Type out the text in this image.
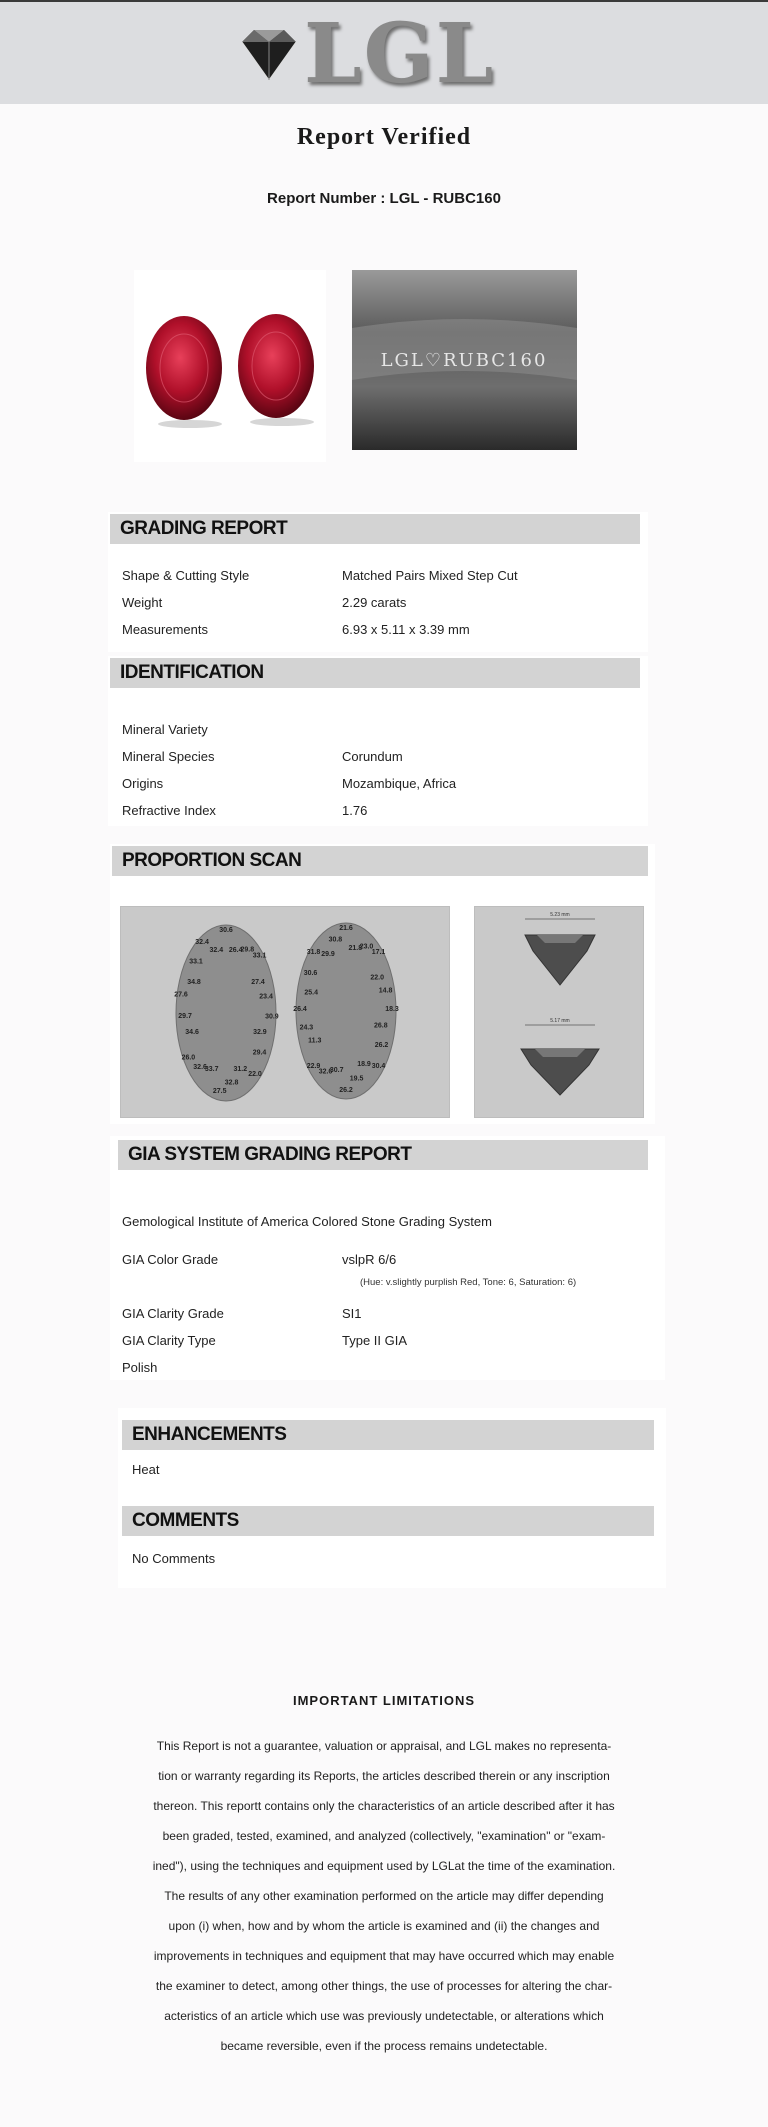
LGL
Report Verified
Report Number : LGL - RUBC160
LGL♡RUBC160
GRADING REPORT
Shape & Cutting Style	Matched Pairs Mixed Step Cut
Weight	2.29 carats
Measurements	6.93 x 5.11 x 3.39 mm
IDENTIFICATION
Mineral Variety
Mineral Species	Corundum
Origins	Mozambique, Africa
Refractive Index	1.76
PROPORTION SCAN
30.6
26.4
29.8
33.1
27.4
23.4
30.9
32.9
29.4
22.0
31.2
32.8
27.5
33.7
32.6
26.0
34.6
29.7
27.6
34.8
33.1
32.4
32.4
21.6
21.8
23.0
17.1
22.0
14.8
18.3
26.8
26.2
30.4
18.9
19.5
26.2
30.7
32.6
22.9
11.3
24.3
26.4
25.4
30.6
31.8 29.9
30.8
5.23 mm
5.17 mm
GIA SYSTEM GRADING REPORT
Gemological Institute of America Colored Stone Grading System
GIA Color Grade	vslpR 6/6
(Hue: v.slightly purplish Red, Tone: 6, Saturation: 6)
GIA Clarity Grade	SI1
GIA Clarity Type	Type II GIA
Polish
ENHANCEMENTS
Heat
COMMENTS
No Comments
IMPORTANT LIMITATIONS
This Report is not a guarantee, valuation or appraisal, and LGL makes no representa-
tion or warranty regarding its Reports, the articles described therein or any inscription
thereon. This reportt contains only the characteristics of an article described after it has
been graded, tested, examined, and analyzed (collectively, "examination" or "exam-
ined"), using the techniques and equipment used by LGLat the time of the examination.
The results of any other examination performed on the article may differ depending
upon (i) when, how and by whom the article is examined and (ii) the changes and
improvements in techniques and equipment that may have occurred which may enable
the examiner to detect, among other things, the use of processes for altering the char-
acteristics of an article which use was previously undetectable, or alterations which
became reversible, even if the process remains undetectable.
